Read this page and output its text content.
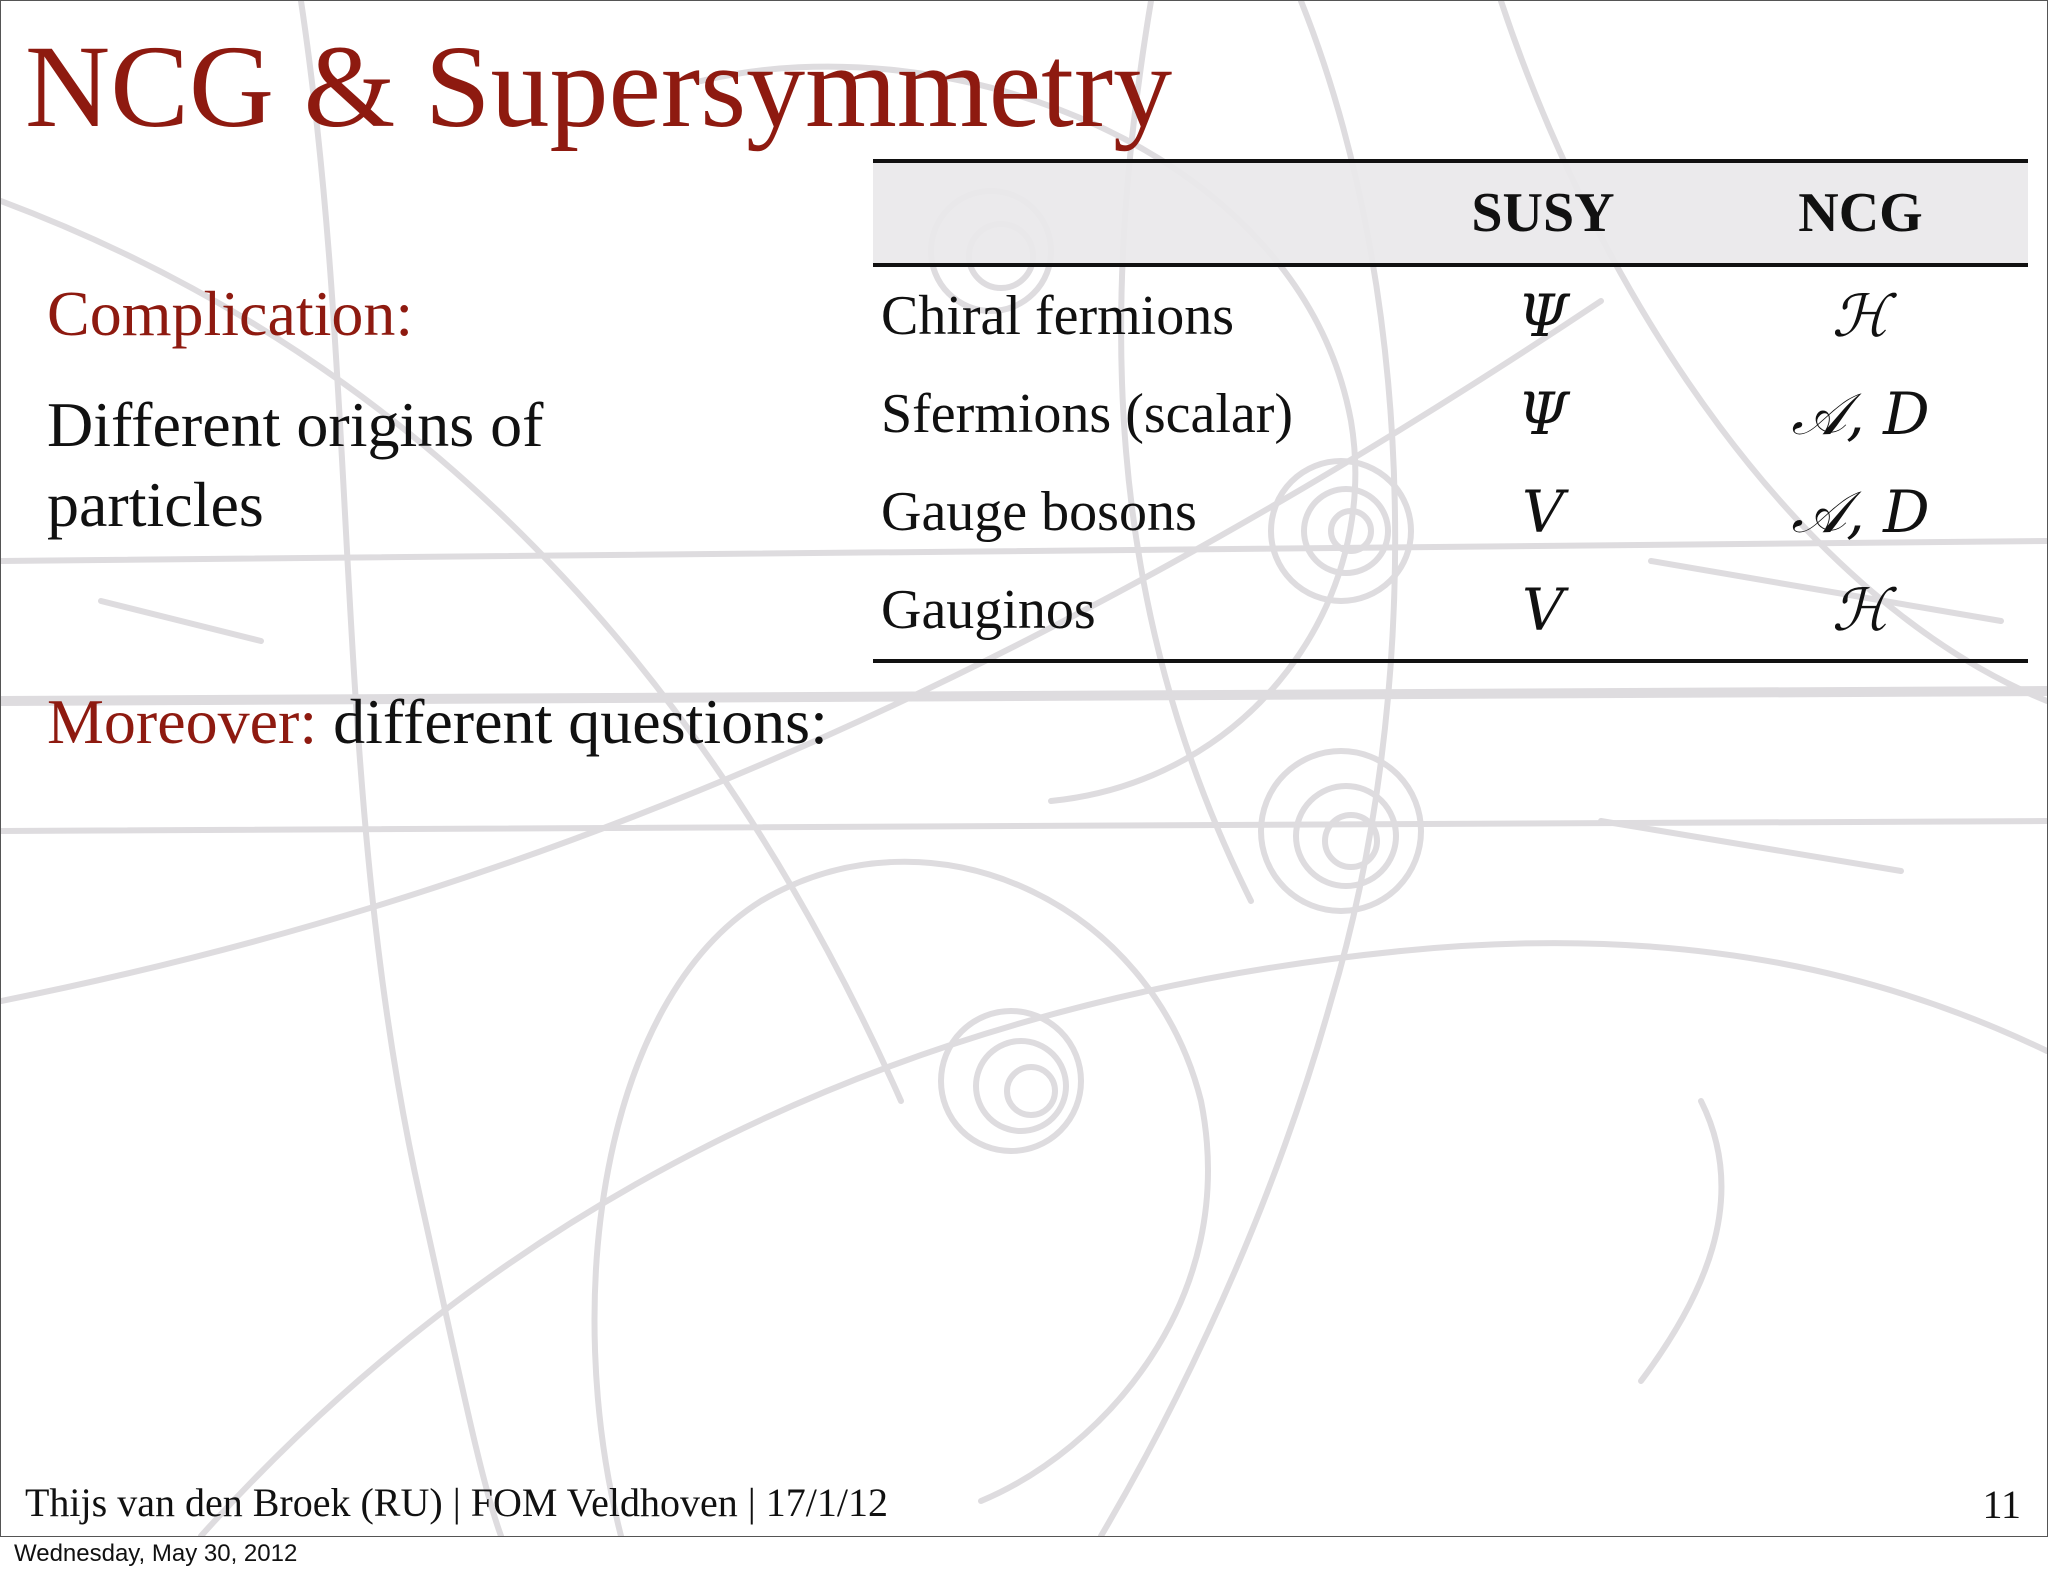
NCG & Supersymmetry
Complication:
Different origins of particles
Moreover: different questions:
	SUSY	NCG
Chiral fermions	Ψ	ℋ
Sfermions (scalar)	Ψ	𝒜, D
Gauge bosons	V	𝒜, D
Gauginos	V	ℋ
Thijs van den Broek (RU) | FOM Veldhoven | 17/1/12	11
Wednesday, May 30, 2012
